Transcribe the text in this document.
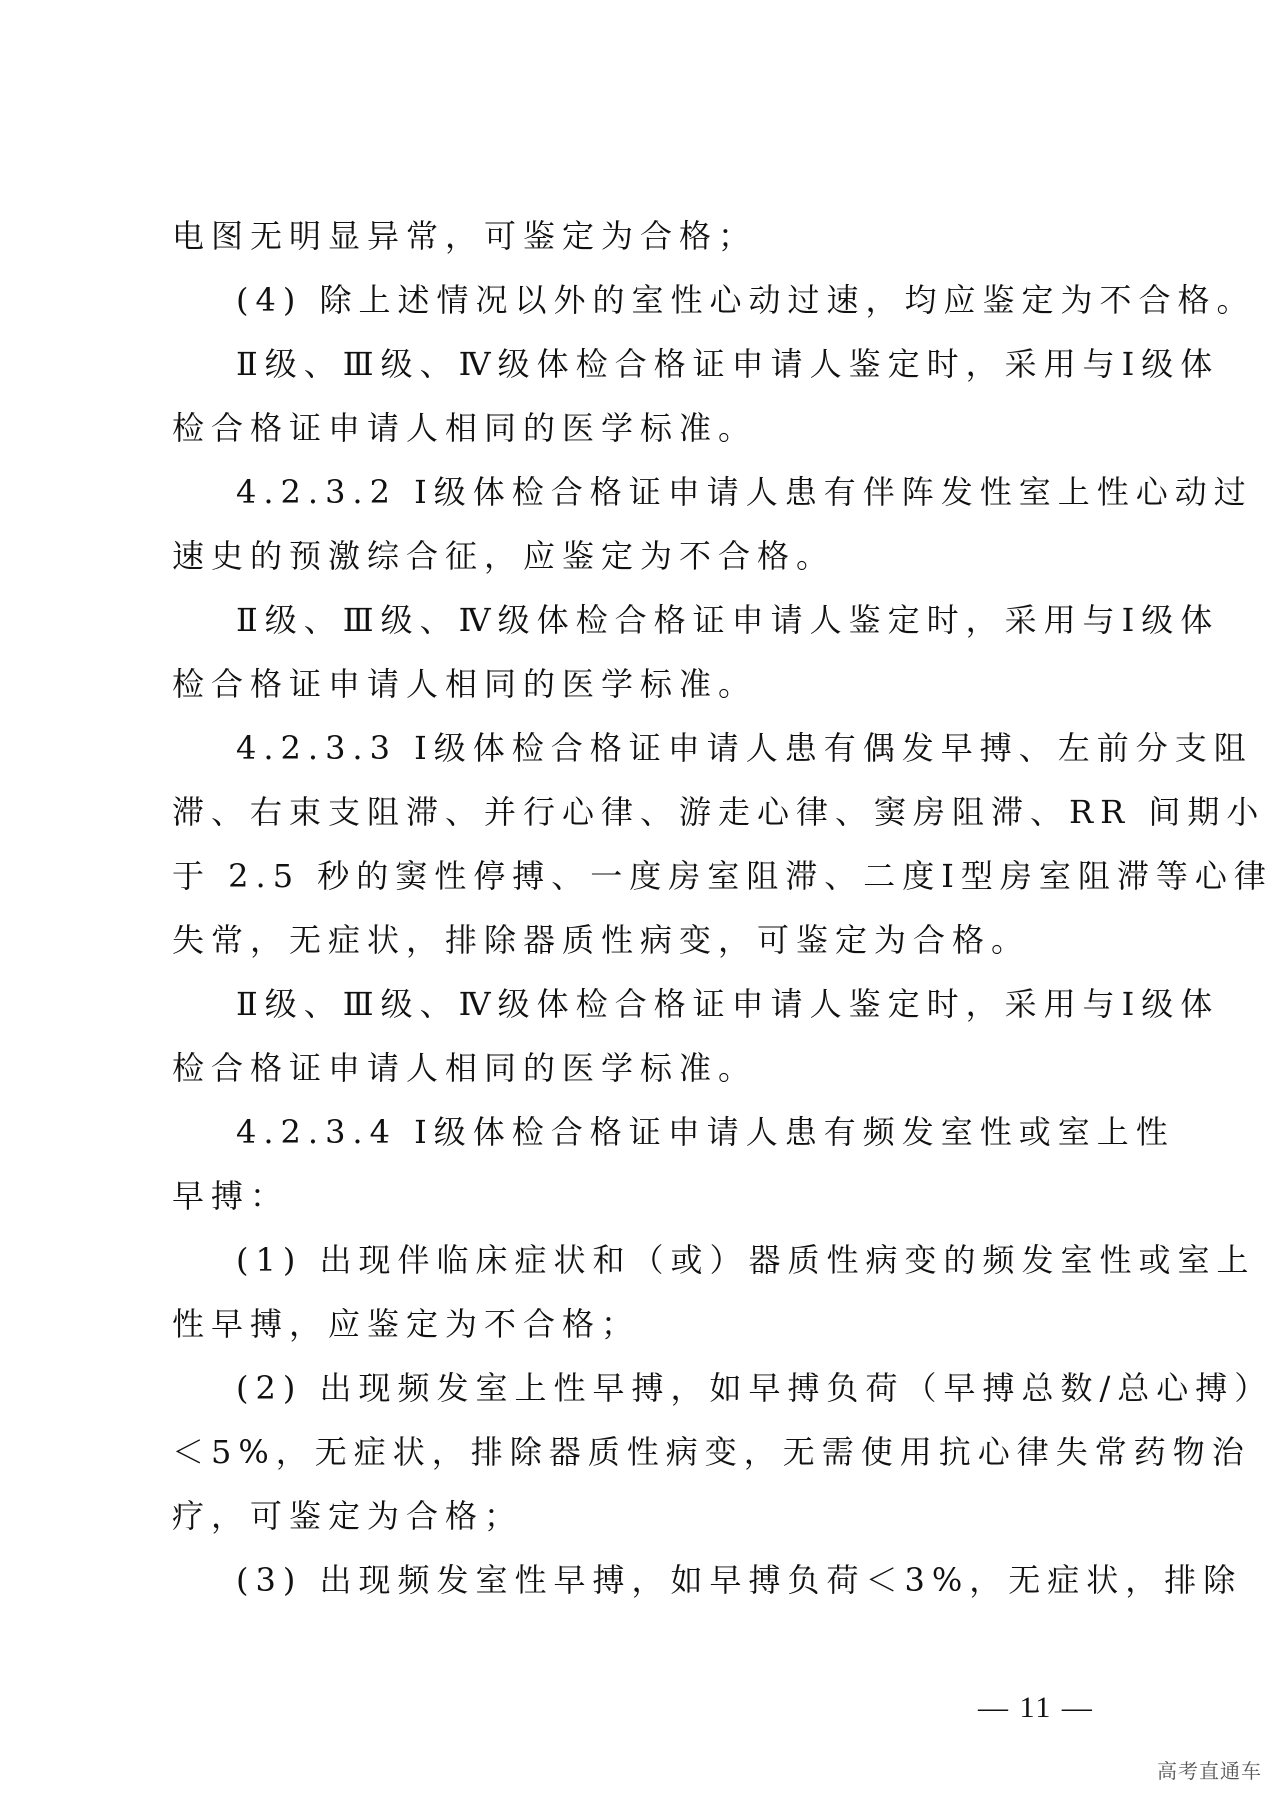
电图无明显异常，可鉴定为合格；
(4) 除上述情况以外的室性心动过速，均应鉴定为不合格。
Ⅱ级、Ⅲ级、Ⅳ级体检合格证申请人鉴定时，采用与Ⅰ级体
检合格证申请人相同的医学标准。
4.2.3.2 Ⅰ级体检合格证申请人患有伴阵发性室上性心动过
速史的预激综合征，应鉴定为不合格。
Ⅱ级、Ⅲ级、Ⅳ级体检合格证申请人鉴定时，采用与Ⅰ级体
检合格证申请人相同的医学标准。
4.2.3.3 Ⅰ级体检合格证申请人患有偶发早搏、左前分支阻
滞、右束支阻滞、并行心律、游走心律、窦房阻滞、RR 间期小
于 2.5 秒的窦性停搏、一度房室阻滞、二度Ⅰ型房室阻滞等心律
失常，无症状，排除器质性病变，可鉴定为合格。
Ⅱ级、Ⅲ级、Ⅳ级体检合格证申请人鉴定时，采用与Ⅰ级体
检合格证申请人相同的医学标准。
4.2.3.4 Ⅰ级体检合格证申请人患有频发室性或室上性
早搏：
(1) 出现伴临床症状和（或）器质性病变的频发室性或室上
性早搏，应鉴定为不合格；
(2) 出现频发室上性早搏，如早搏负荷（早搏总数/总心搏）
＜5%，无症状，排除器质性病变，无需使用抗心律失常药物治
疗，可鉴定为合格；
(3) 出现频发室性早搏，如早搏负荷＜3%，无症状，排除
— 11 —
高考直通车
